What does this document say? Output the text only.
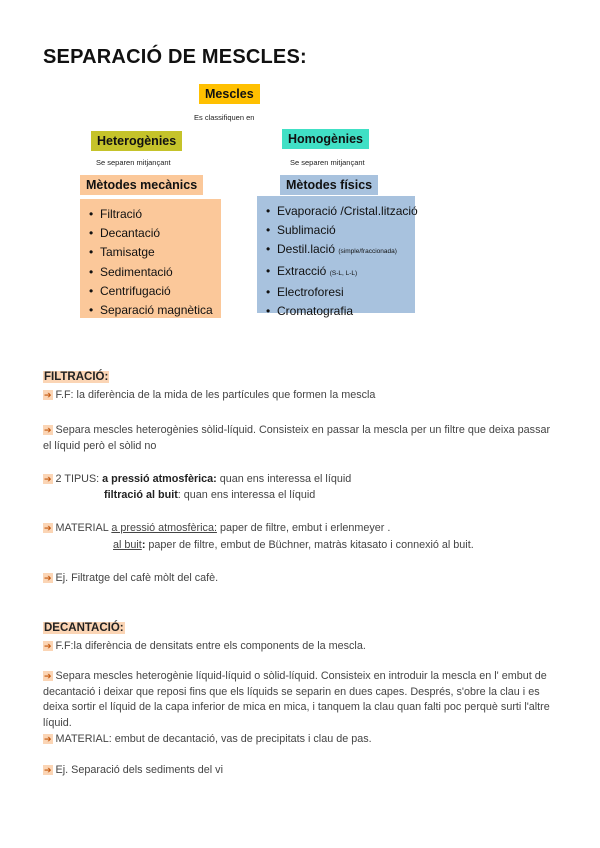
SEPARACIÓ DE MESCLES:
Mescles
Es classifiquen en
Heterogènies	Homogènies
Se separen mitjançant	Se separen mitjançant
Mètodes mecànics	Mètodes físics
• Filtració
• Decantació
• Tamisatge
• Sedimentació
• Centrifugació
• Separació magnètica
• Evaporació /Cristal.lització
• Sublimació
• Destil.lació (simple/fraccionada)
• Extracció (S-L, L-L)
• Electroforesi
• Cromatografia
FILTRACIÓ:
➔ F.F: la diferència de la mida de les partícules que formen la mescla
➔ Separa mescles heterogènies sòlid-líquid. Consisteix en passar la mescla per un filtre que deixa passar el líquid però el sòlid no
➔ 2 TIPUS: a pressió atmosfèrica: quan ens interessa el líquid
filtració al buit: quan ens interessa el líquid
➔ MATERIAL a pressió atmosfèrica: paper de filtre, embut i erlenmeyer .
al buit: paper de filtre, embut de Büchner, matràs kitasato i connexió al buit.
➔ Ej. Filtratge del cafè mòlt del cafè.
DECANTACIÓ:
➔ F.F:la diferència de densitats entre els components de la mescla.
➔ Separa mescles heterogènie líquid-líquid o sòlid-líquid. Consisteix en introduir la mescla en l' embut de decantació i deixar que reposi fins que els líquids se separin en dues capes. Després, s'obre la clau i es deixa sortir el líquid de la capa inferior de mica en mica, i tanquem la clau quan falti poc perquè surti l'altre líquid.
➔ MATERIAL: embut de decantació, vas de precipitats i clau de pas.
➔ Ej. Separació dels sediments del vi
